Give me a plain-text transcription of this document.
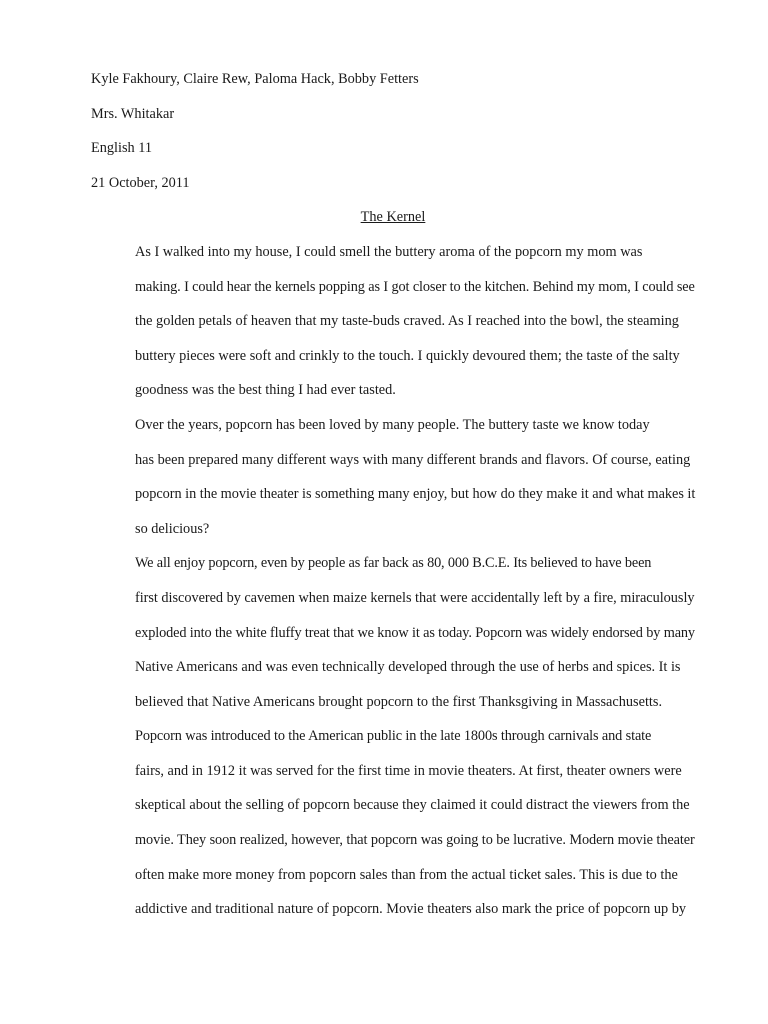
Kyle Fakhoury, Claire Rew, Paloma Hack, Bobby Fetters

Mrs. Whitakar

English 11

21 October, 2011

The Kernel

As I walked into my house, I could smell the buttery aroma of the popcorn my mom was
making. I could hear the kernels popping as I got closer to the kitchen. Behind my mom, I could see
the golden petals of heaven that my taste-buds craved. As I reached into the bowl, the steaming
buttery pieces were soft and crinkly to the touch. I quickly devoured them; the taste of the salty
goodness was the best thing I had ever tasted.

Over the years, popcorn has been loved by many people. The buttery taste we know today
has been prepared many different ways with many different brands and flavors. Of course, eating
popcorn in the movie theater is something many enjoy, but how do they make it and what makes it
so delicious?

We all enjoy popcorn, even by people as far back as 80, 000 B.C.E. Its believed to have been
first discovered by cavemen when maize kernels that were accidentally left by a fire, miraculously
exploded into the white fluffy treat that we know it as today. Popcorn was widely endorsed by many
Native Americans and was even technically developed through the use of herbs and spices. It is
believed that Native Americans brought popcorn to the first Thanksgiving in Massachusetts.

Popcorn was introduced to the American public in the late 1800s through carnivals and state
fairs, and in 1912 it was served for the first time in movie theaters. At first, theater owners were
skeptical about the selling of popcorn because they claimed it could distract the viewers from the
movie. They soon realized, however, that popcorn was going to be lucrative. Modern movie theater
often make more money from popcorn sales than from the actual ticket sales. This is due to the
addictive and traditional nature of popcorn. Movie theaters also mark the price of popcorn up by
